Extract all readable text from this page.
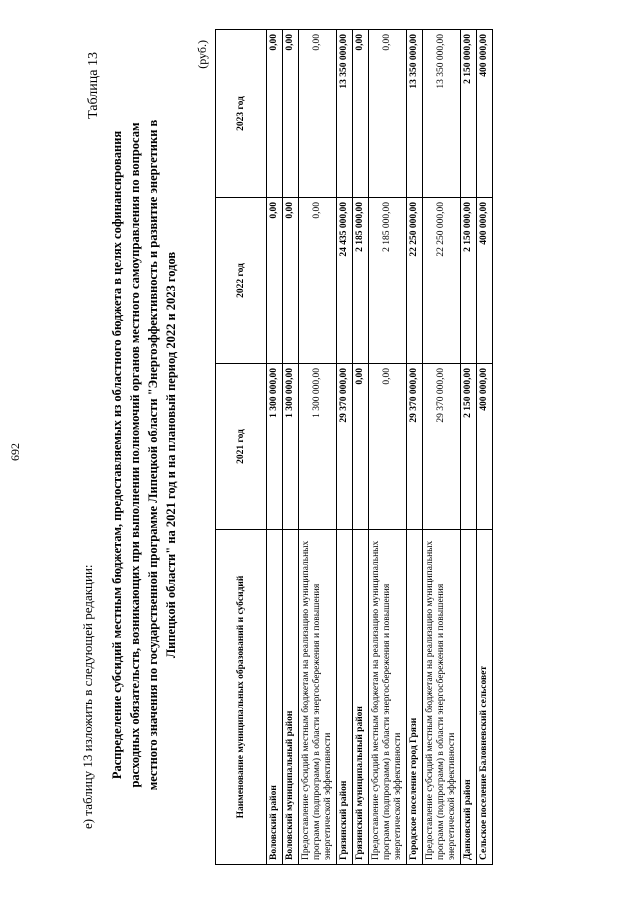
692
е) таблицу 13 изложить в следующей редакции:
Таблица 13
Распределение субсидий местным бюджетам, предоставляемых из областного бюджета в целях софинансирования расходных обязательств, возникающих при выполнении полномочий органов местного самоуправления по вопросам местного значения по государственной программе Липецкой области "Энергоэффективность и развитие энергетики в Липецкой области" на 2021 год и на плановый период 2022 и 2023 годов
(руб.)
Наименование муниципальных образований и субсидий	2021 год	2022 год	2023 год
Воловский район	1 300 000,00	0,00	0,00
Воловский муниципальный район	1 300 000,00	0,00	0,00
Предоставление субсидий местным бюджетам на реализацию муниципальных программ (подпрограмм) в области энергосбережения и повышения энергетической эффективности	1 300 000,00	0,00	0,00
Грязинский район	29 370 000,00	24 435 000,00	13 350 000,00
Грязинский муниципальный район	0,00	2 185 000,00	0,00
Предоставление субсидий местным бюджетам на реализацию муниципальных программ (подпрограмм) в области энергосбережения и повышения энергетической эффективности	0,00	2 185 000,00	0,00
Городское поселение город Грязи	29 370 000,00	22 250 000,00	13 350 000,00
Предоставление субсидий местным бюджетам на реализацию муниципальных программ (подпрограмм) в области энергосбережения и повышения энергетической эффективности	29 370 000,00	22 250 000,00	13 350 000,00
Данковский район	2 150 000,00	2 150 000,00	2 150 000,00
Сельское поселение Баловневский сельсовет	400 000,00	400 000,00	400 000,00
